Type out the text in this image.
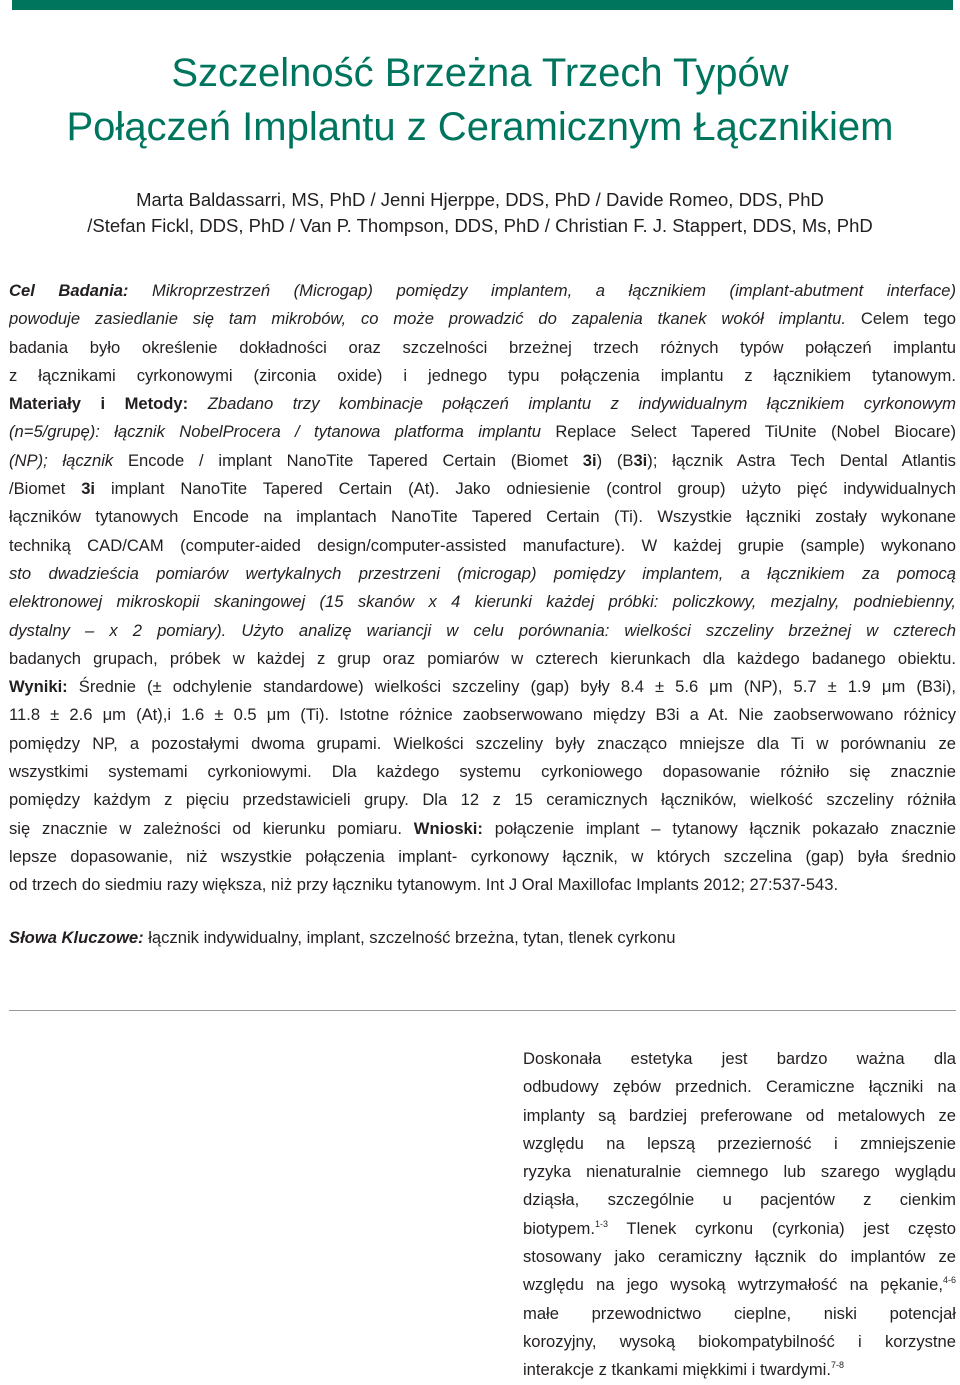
Szczelność Brzeżna Trzech Typów
Połączeń Implantu z Ceramicznym Łącznikiem
Marta Baldassarri, MS, PhD / Jenni Hjerppe, DDS, PhD / Davide Romeo, DDS, PhD
/Stefan Fickl, DDS, PhD / Van P. Thompson, DDS, PhD / Christian F. J. Stappert, DDS, Ms, PhD
Cel Badania: Mikroprzestrzeń (Microgap) pomiędzy implantem, a łącznikiem (implant-abutment interface)
powoduje zasiedlanie się tam mikrobów, co może prowadzić do zapalenia tkanek wokół implantu. Celem tego
badania było określenie dokładności oraz szczelności brzeżnej trzech różnych typów połączeń implantu
z łącznikami cyrkonowymi (zirconia oxide) i jednego typu połączenia implantu z łącznikiem tytanowym.
Materiały i Metody: Zbadano trzy kombinacje połączeń implantu z indywidualnym łącznikiem cyrkonowym
(n=5/grupę): łącznik NobelProcera / tytanowa platforma implantu Replace Select Tapered TiUnite (Nobel Biocare)
(NP); łącznik Encode / implant NanoTite Tapered Certain (Biomet 3i) (B3i); łącznik Astra Tech Dental Atlantis
/Biomet 3i implant NanoTite Tapered Certain (At). Jako odniesienie (control group) użyto pięć indywidualnych
łączników tytanowych Encode na implantach NanoTite Tapered Certain (Ti). Wszystkie łączniki zostały wykonane
techniką CAD/CAM (computer-aided design/computer-assisted manufacture). W każdej grupie (sample) wykonano
sto dwadzieścia pomiarów wertykalnych przestrzeni (microgap) pomiędzy implantem, a łącznikiem za pomocą
elektronowej mikroskopii skaningowej (15 skanów x 4 kierunki każdej próbki: policzkowy, mezjalny, podniebienny,
dystalny – x 2 pomiary). Użyto analizę wariancji w celu porównania: wielkości szczeliny brzeżnej w czterech
badanych grupach, próbek w każdej z grup oraz pomiarów w czterech kierunkach dla każdego badanego obiektu.
Wyniki: Średnie (± odchylenie standardowe) wielkości szczeliny (gap) były 8.4 ± 5.6 μm (NP), 5.7 ± 1.9 μm (B3i),
11.8 ± 2.6 μm (At),i 1.6 ± 0.5 μm (Ti). Istotne różnice zaobserwowano między B3i a At. Nie zaobserwowano różnicy
pomiędzy NP, a pozostałymi dwoma grupami. Wielkości szczeliny były znacząco mniejsze dla Ti w porównaniu ze
wszystkimi systemami cyrkoniowymi. Dla każdego systemu cyrkoniowego dopasowanie różniło się znacznie
pomiędzy każdym z pięciu przedstawicieli grupy. Dla 12 z 15 ceramicznych łączników, wielkość szczeliny różniła
się znacznie w zależności od kierunku pomiaru. Wnioski: połączenie implant – tytanowy łącznik pokazało znacznie
lepsze dopasowanie, niż wszystkie połączenia implant- cyrkonowy łącznik, w których szczelina (gap) była średnio
od trzech do siedmiu razy większa, niż przy łączniku tytanowym. Int J Oral Maxillofac Implants 2012; 27:537-543.
Słowa Kluczowe: łącznik indywidualny, implant, szczelność brzeżna, tytan, tlenek cyrkonu
Doskonała estetyka jest bardzo ważna dla
odbudowy zębów przednich. Ceramiczne łączniki na
implanty są bardziej preferowane od metalowych ze
względu na lepszą przezierność i zmniejszenie
ryzyka nienaturalnie ciemnego lub szarego wyglądu
dziąsła, szczególnie u pacjentów z cienkim
biotypem.$^{1-3}$ Tlenek cyrkonu (cyrkonia) jest często
stosowany jako ceramiczny łącznik do implantów ze
względu na jego wysoką wytrzymałość na pękanie,$^{4-6}$
małe przewodnictwo cieplne, niski potencjał
korozyjny, wysoką biokompatybilność i korzystne
interakcje z tkankami miękkimi i twardymi.$^{7-8}$
